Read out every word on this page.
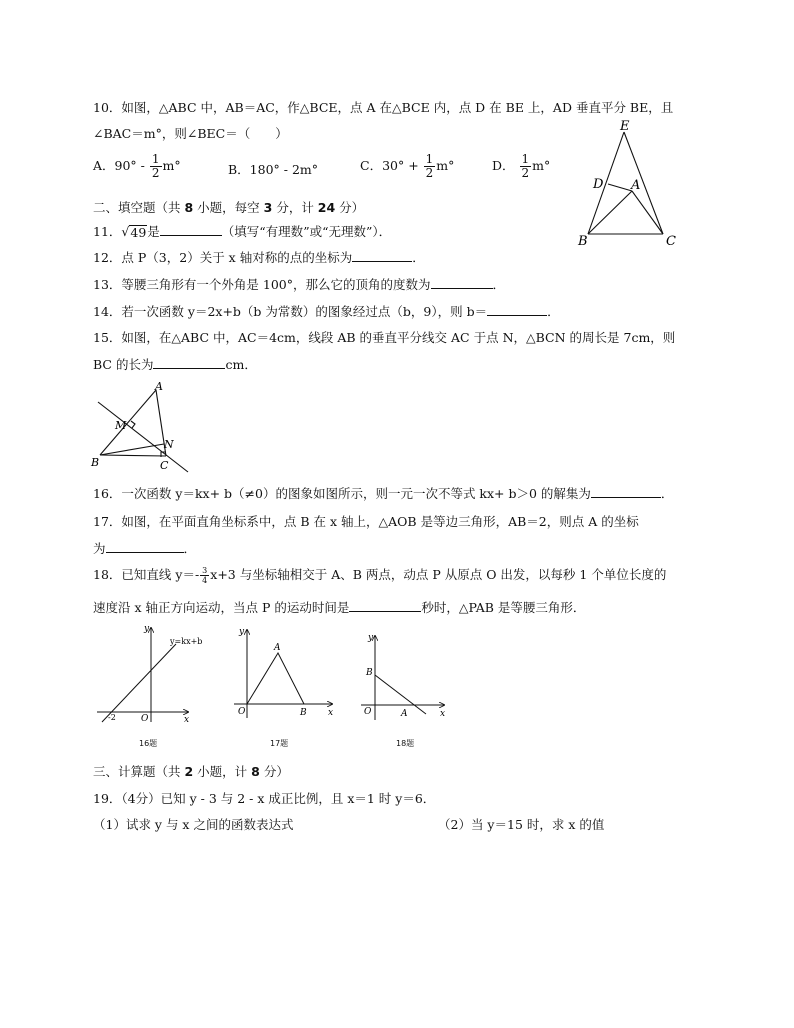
10．如图，△ABC 中，AB＝AC，作△BCE，点 A 在△BCE 内，点 D 在 BE 上，AD 垂直平分 BE，且
∠BAC＝m°，则∠BEC＝（　　）
A．$90^\circ - \frac{1}{2} m^\circ$	B．180° - 2m°	C．$30^\circ + \frac{1}{2} m^\circ$	D． $\frac{1}{2} m^\circ$
E
D A
B	C
二、填空题（共 8 小题，每空 3 分，计 24 分）
11． √ 49 是	（填写“有理数”或“无理数”）．
12．点 P（3，2）关于 x 轴对称的点的坐标为	．
13．等腰三角形有一个外角是 100°，那么它的顶角的度数为	．
14．若一次函数 y＝2x+b（b 为常数）的图象经过点（b，9），则 b＝	．
15．如图，在△ABC 中，AC＝4cm，线段 AB 的垂直平分线交 AC 于点 N，△BCN 的周长是 7cm，则
BC 的长为	cm．
A
M
N
B	C
16．一次函数 y＝kx+ b（≠0）的图象如图所示，则一元一次不等式 kx+ b＞0 的解集为	．
17．如图，在平面直角坐标系中，点 B 在 x 轴上，△AOB 是等边三角形，AB＝2，则点 A 的坐标
为	．
18．已知直线 $y=- \frac{3}{4} x+3$ 与坐标轴相交于 A、B 两点，动点 P 从原点 O 出发，以每秒 1 个单位长度的
速度沿 x 轴正方向运动，当点 P 的运动时间是	秒时，△PAB 是等腰三角形．
y
x
O
-2
y=kx+b
16题
y
x
O
A
B
17题
y
x
O
B
A
18题
三、计算题（共 2 小题，计 8 分）
19．（4分）已知 y - 3 与 2 - x 成正比例，且 x＝1 时 y＝6．
（1）试求 y 与 x 之间的函数表达式	（2）当 y＝15 时，求 x 的值
